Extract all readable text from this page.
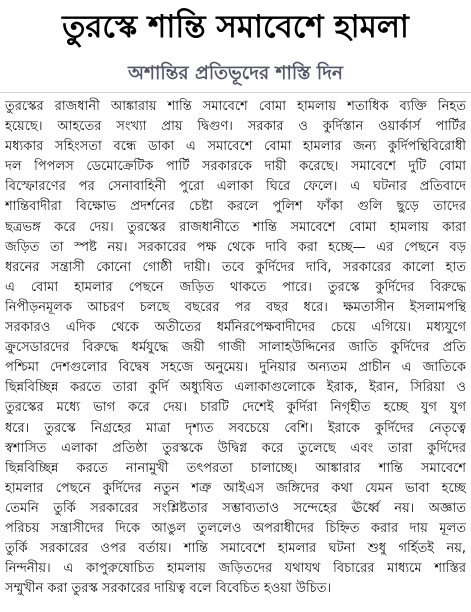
তুরস্কে শান্তি সমাবেশে হামলা
অশান্তির প্রতিভূদের শাস্তি দিন
তুরস্কের রাজধানী আঙ্কারায় শান্তি সমাবেশে বোমা হামলায় শতাধিক ব্যক্তি নিহত
হয়েছে। আহতের সংখ্যা প্রায় দ্বিগুণ। সরকার ও কুর্দিস্তান ওয়ার্কার্স পার্টির
মধ্যকার সহিংসতা বন্ধে ডাকা এ সমাবেশে বোমা হামলার জন্য কুর্দিপন্থিবিরোধী
দল পিপলস ডেমোক্রেটিক পার্টি সরকারকে দায়ী করেছে। সমাবেশে দুটি বোমা
বিস্ফোরণের পর সেনাবাহিনী পুরো এলাকা ঘিরে ফেলে। এ ঘটনার প্রতিবাদে
শান্তিবাদীরা বিক্ষোভ প্রদর্শনের চেষ্টা করলে পুলিশ ফাঁকা গুলি ছুড়ে তাদের
ছত্রভঙ্গ করে দেয়। তুরস্কের রাজধানীতে শান্তি সমাবেশে বোমা হামলায় কারা
জড়িত তা স্পষ্ট নয়। সরকারের পক্ষ থেকে দাবি করা হচ্ছে— এর পেছনে বড়
ধরনের সন্ত্রাসী কোনো গোষ্ঠী দায়ী। তবে কুর্দিদের দাবি, সরকারের কালো হাত
এ বোমা হামলার পেছনে জড়িত থাকতে পারে। তুরস্কে কুর্দিদের বিরুদ্ধে
নিপীড়নমূলক আচরণ চলছে বছরের পর বছর ধরে। ক্ষমতাসীন ইসলামপন্থি
সরকারও এদিক থেকে অতীতের ধর্মনিরপেক্ষবাদীদের চেয়ে এগিয়ে। মধ্যযুগে
ক্রুসেডারদের বিরুদ্ধে ধর্মযুদ্ধে জয়ী গাজী সালাহউদ্দিনের জাতি কুর্দিদের প্রতি
পশ্চিমা দেশগুলোর বিদ্বেষ সহজে অনুমেয়। দুনিয়ার অন্যতম প্রাচীন এ জাতিকে
ছিন্নবিচ্ছিন্ন করতে তারা কুর্দি অধ্যুষিত এলাকাগুলোকে ইরাক, ইরান, সিরিয়া ও
তুরস্কের মধ্যে ভাগ করে দেয়। চারটি দেশেই কুর্দিরা নিগৃহীত হচ্ছে যুগ যুগ
ধরে। তুরস্কে নিগ্রহের মাত্রা দৃশ্যত সবচেয়ে বেশি। ইরাকে কুর্দিদের নেতৃত্বে
স্বশাসিত এলাকা প্রতিষ্ঠা তুরস্ককে উদ্বিগ্ন করে তুলেছে এবং তারা কুর্দিদের
ছিন্নবিচ্ছিন্ন করতে নানামুখী তৎপরতা চালাচ্ছে। আঙ্কারার শান্তি সমাবেশে
হামলার পেছনে কুর্দিদের নতুন শত্রু আইএস জঙ্গিদের কথা যেমন ভাবা হচ্ছে
তেমনি তুর্কি সরকারের সংশ্লিষ্টতার সম্ভাব্যতাও সন্দেহের ঊর্ধ্বে নয়। অজ্ঞাত
পরিচয় সন্ত্রাসীদের দিকে আঙুল তুললেও অপরাধীদের চিহ্নিত করার দায় মূলত
তুর্কি সরকারের ওপর বর্তায়। শান্তি সমাবেশে হামলার ঘটনা শুধু গর্হিতই নয়,
নিন্দনীয়। এ কাপুরুষোচিত হামলায় জড়িতদের যথাযথ বিচারের মাধ্যমে শাস্তির
সম্মুখীন করা তুরস্ক সরকারের দায়িত্ব বলে বিবেচিত হওয়া উচিত।
